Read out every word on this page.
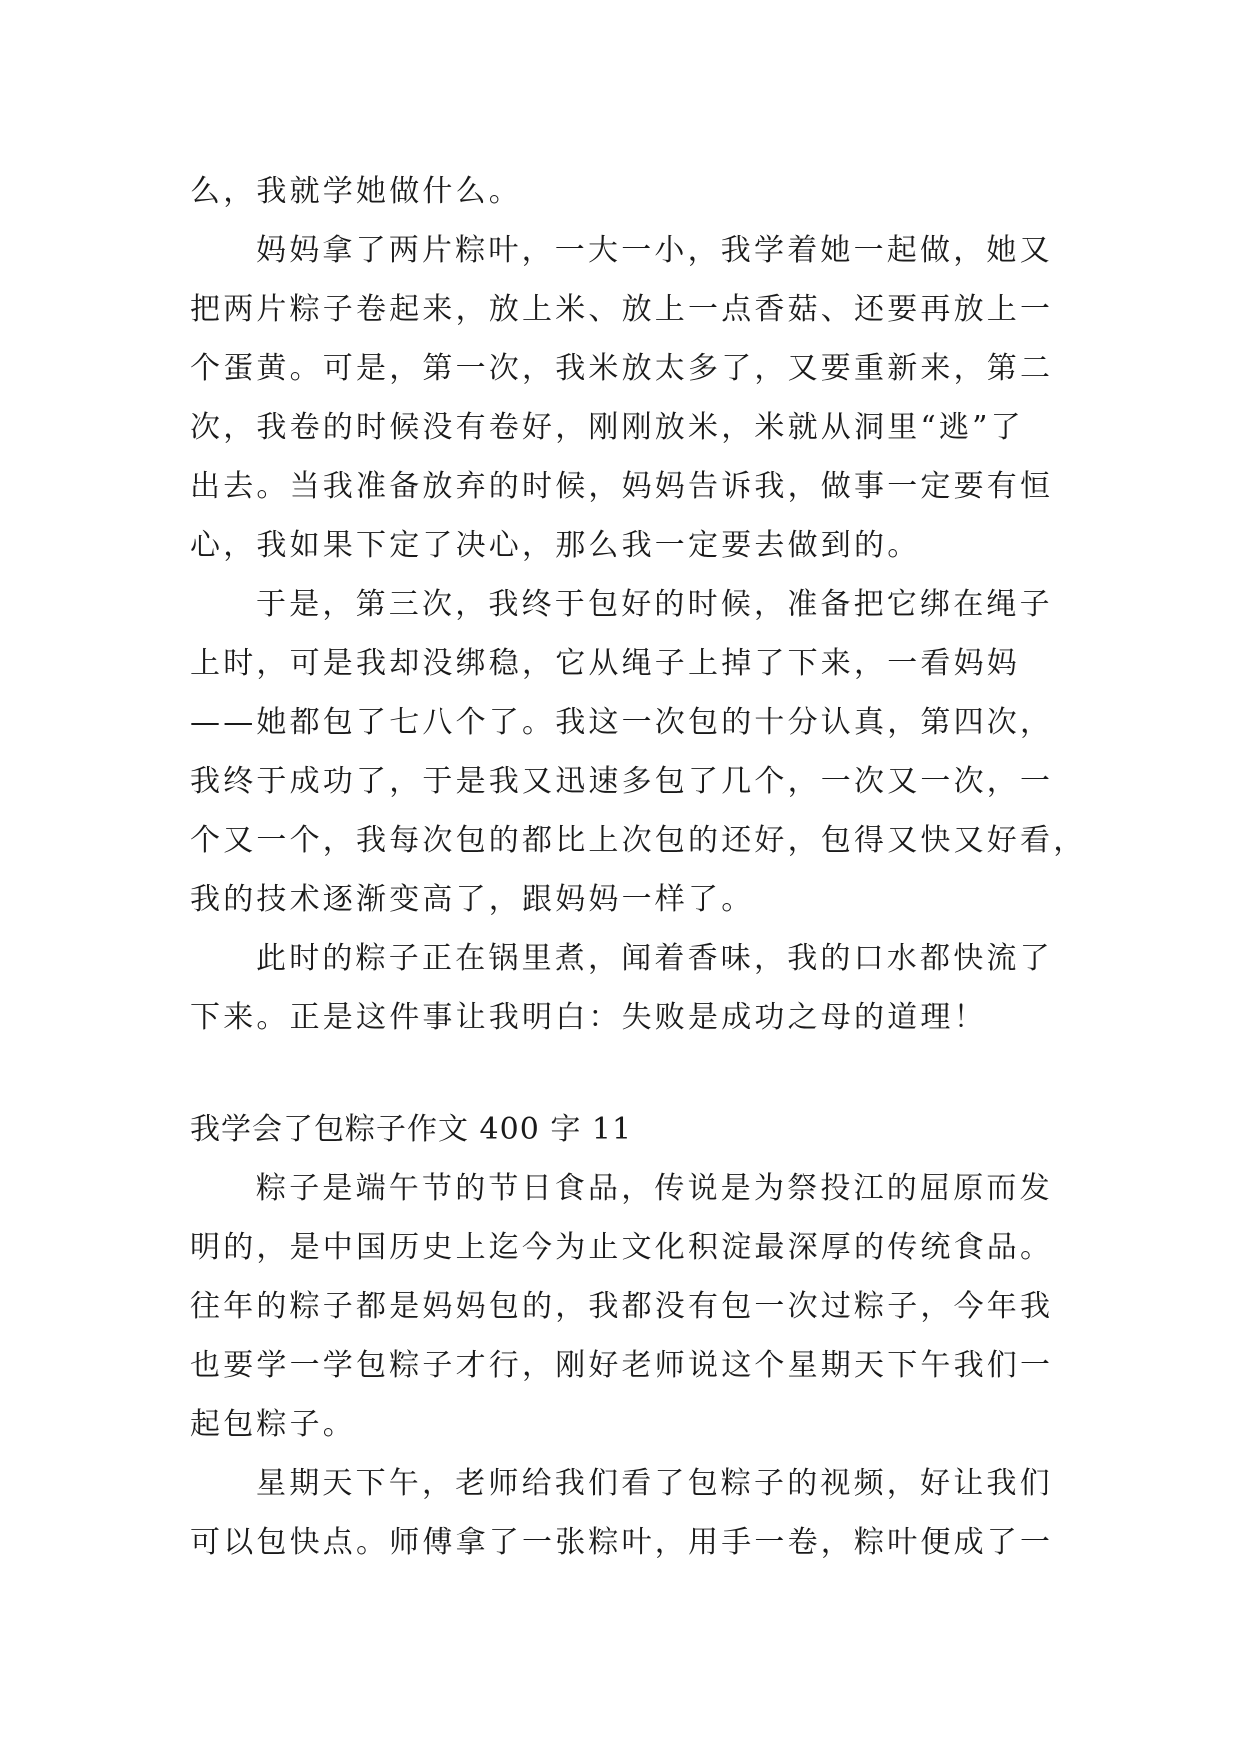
么，我就学她做什么。
妈妈拿了两片粽叶，一大一小，我学着她一起做，她又
把两片粽子卷起来，放上米、放上一点香菇、还要再放上一
个蛋黄。可是，第一次，我米放太多了，又要重新来，第二
次，我卷的时候没有卷好，刚刚放米，米就从洞里“逃”了
出去。当我准备放弃的时候，妈妈告诉我，做事一定要有恒
心，我如果下定了决心，那么我一定要去做到的。
于是，第三次，我终于包好的时候，准备把它绑在绳子
上时，可是我却没绑稳，它从绳子上掉了下来，一看妈妈
——她都包了七八个了。我这一次包的十分认真，第四次，
我终于成功了，于是我又迅速多包了几个，一次又一次，一
个又一个，我每次包的都比上次包的还好，包得又快又好看，
我的技术逐渐变高了，跟妈妈一样了。
此时的粽子正在锅里煮，闻着香味，我的口水都快流了
下来。正是这件事让我明白：失败是成功之母的道理！
我学会了包粽子作文 400 字 11
粽子是端午节的节日食品，传说是为祭投江的屈原而发
明的，是中国历史上迄今为止文化积淀最深厚的传统食品。
往年的粽子都是妈妈包的，我都没有包一次过粽子，今年我
也要学一学包粽子才行，刚好老师说这个星期天下午我们一
起包粽子。
星期天下午，老师给我们看了包粽子的视频，好让我们
可以包快点。师傅拿了一张粽叶，用手一卷，粽叶便成了一
